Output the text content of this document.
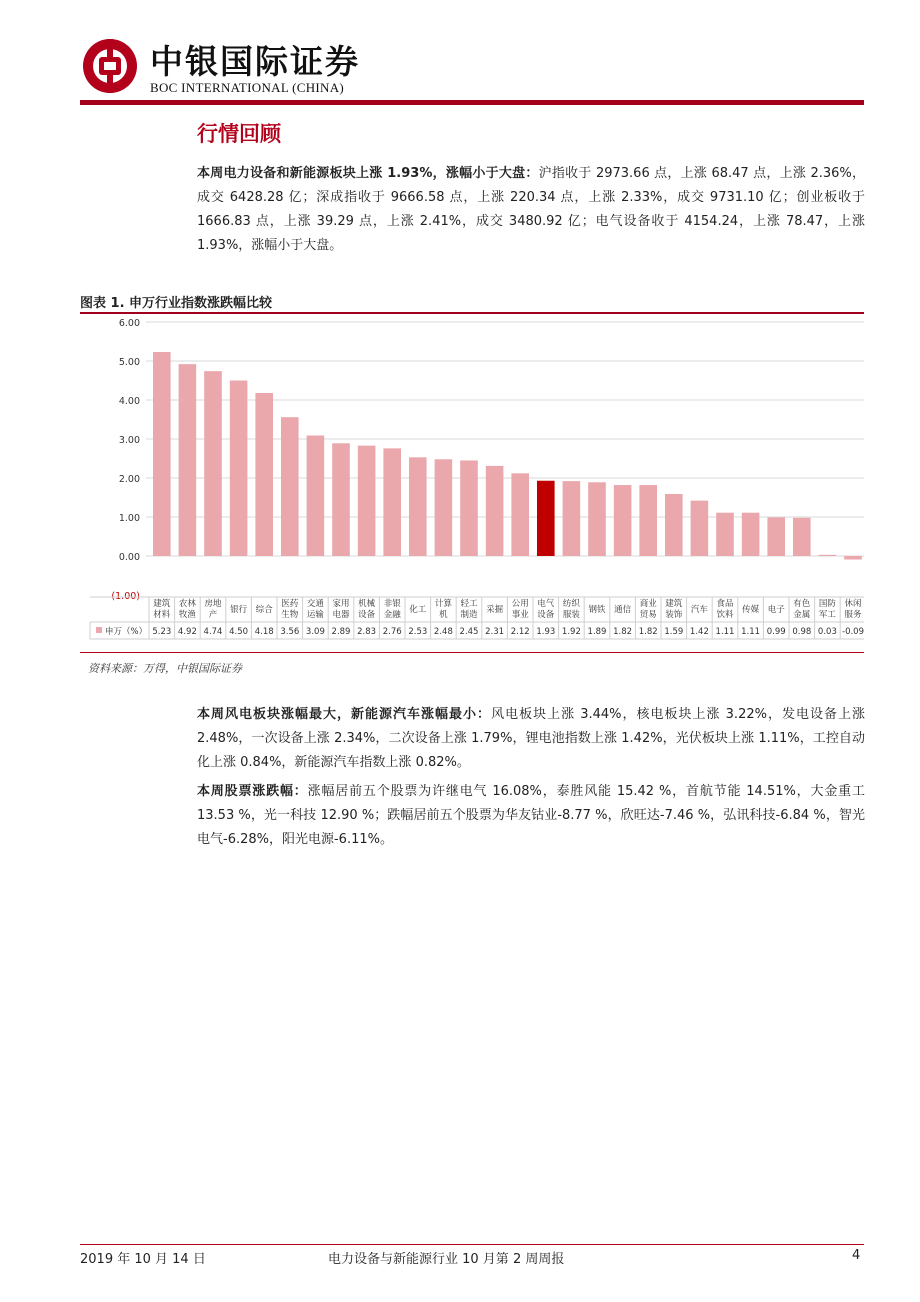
中银国际证券
BOC INTERNATIONAL (CHINA)
行情回顾

本周电力设备和新能源板块上涨 1.93%，涨幅小于大盘：沪指收于 2973.66 点，上涨 68.47 点，上涨 2.36%，成交 6428.28 亿；深成指收于 9666.58 点，上涨 220.34 点，上涨 2.33%，成交 9731.10 亿；创业板收于 1666.83 点，上涨 39.29 点，上涨 2.41%，成交 3480.92 亿；电气设备收于 4154.24，上涨 78.47，上涨 1.93%，涨幅小于大盘。

图表 1. 申万行业指数涨跌幅比较
6.00
5.00
4.00
3.00
2.00
1.00
0.00
(1.00)
申万（%）
建筑
材料
5.23
农林
牧渔
4.92
房地
产
4.74
银行
4.50
综合
4.18
医药
生物
3.56
交通
运输
3.09
家用
电器
2.89
机械
设备
2.83
非银
金融
2.76
化工
2.53
计算
机
2.48
轻工
制造
2.45
采掘
2.31
公用
事业
2.12
电气
设备
1.93
纺织
服装
1.92
钢铁
1.89
通信
1.82
商业
贸易
1.82
建筑
装饰
1.59
汽车
1.42
食品
饮料
1.11
传媒
1.11
电子
0.99
有色
金属
0.98
国防
军工
0.03
休闲
服务
-0.09
资料来源：万得，中银国际证券

本周风电板块涨幅最大，新能源汽车涨幅最小：风电板块上涨 3.44%，核电板块上涨 3.22%，发电设备上涨 2.48%，一次设备上涨 2.34%，二次设备上涨 1.79%，锂电池指数上涨 1.42%，光伏板块上涨 1.11%，工控自动化上涨 0.84%，新能源汽车指数上涨 0.82%。

本周股票涨跌幅：涨幅居前五个股票为许继电气 16.08%，泰胜风能 15.42 %，首航节能 14.51%，大金重工 13.53 %，光一科技 12.90 %；跌幅居前五个股票为华友钴业-8.77 %，欣旺达-7.46 %，弘讯科技-6.84 %，智光电气-6.28%，阳光电源-6.11%。

2019 年 10 月 14 日	电力设备与新能源行业 10 月第 2 周周报	4
